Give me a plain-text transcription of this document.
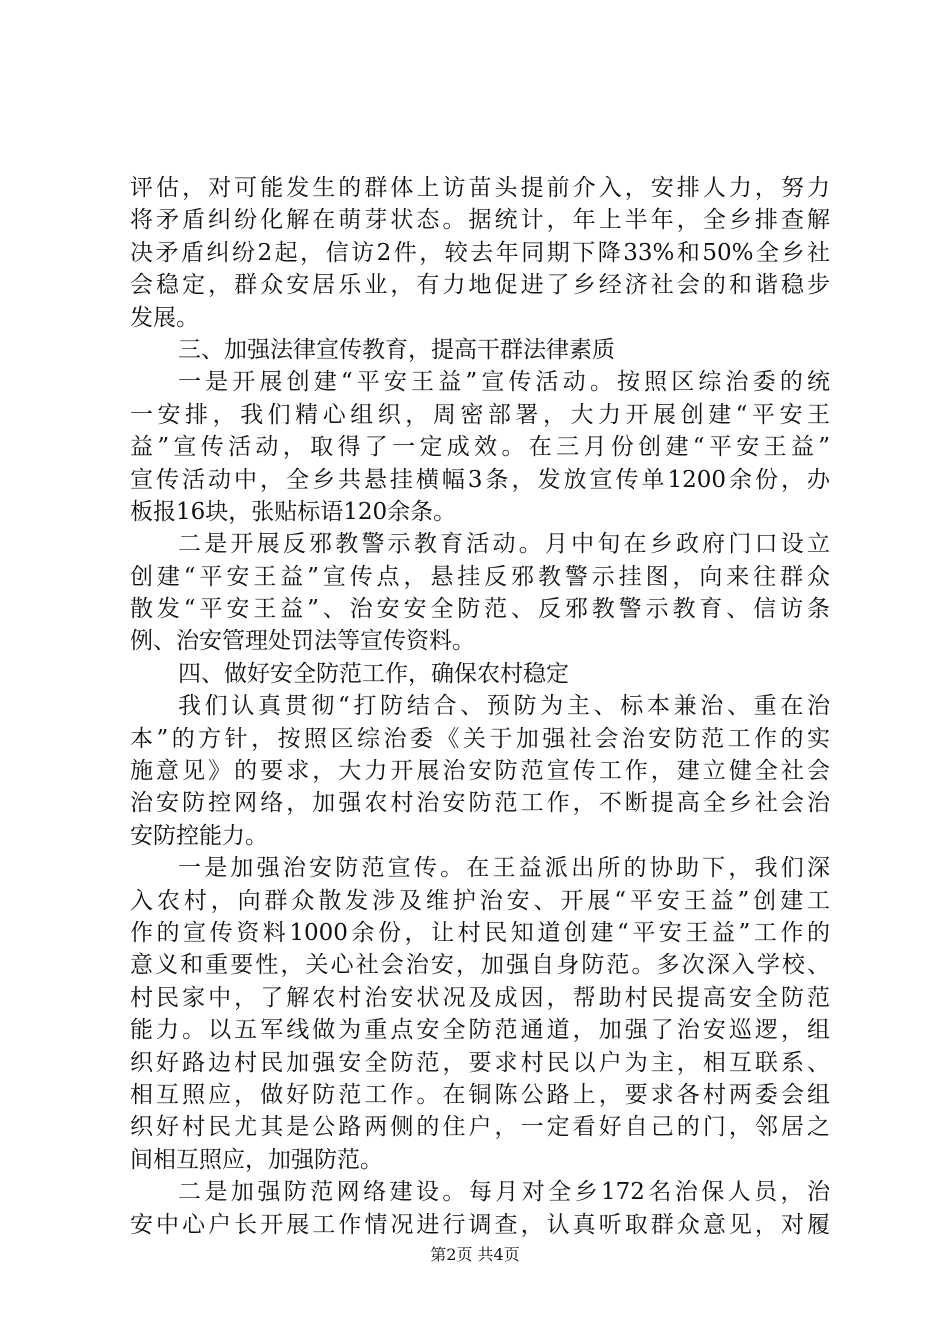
评估，对可能发生的群体上访苗头提前介入，安排人力，努力
将矛盾纠纷化解在萌芽状态。据统计，年上半年，全乡排查解
决矛盾纠纷2起，信访2件，较去年同期下降33%和50%全乡社
会稳定，群众安居乐业，有力地促进了乡经济社会的和谐稳步
发展。
三、加强法律宣传教育，提高干群法律素质
一是开展创建“平安王益”宣传活动。按照区综治委的统
一安排，我们精心组织，周密部署，大力开展创建“平安王
益”宣传活动，取得了一定成效。在三月份创建“平安王益”
宣传活动中，全乡共悬挂横幅3条，发放宣传单1200余份，办
板报16块，张贴标语120余条。
二是开展反邪教警示教育活动。月中旬在乡政府门口设立
创建“平安王益”宣传点，悬挂反邪教警示挂图，向来往群众
散发“平安王益”、治安安全防范、反邪教警示教育、信访条
例、治安管理处罚法等宣传资料。
四、做好安全防范工作，确保农村稳定
我们认真贯彻“打防结合、预防为主、标本兼治、重在治
本”的方针，按照区综治委《关于加强社会治安防范工作的实
施意见》的要求，大力开展治安防范宣传工作，建立健全社会
治安防控网络，加强农村治安防范工作，不断提高全乡社会治
安防控能力。
一是加强治安防范宣传。在王益派出所的协助下，我们深
入农村，向群众散发涉及维护治安、开展“平安王益”创建工
作的宣传资料1000余份，让村民知道创建“平安王益”工作的
意义和重要性，关心社会治安，加强自身防范。多次深入学校、
村民家中，了解农村治安状况及成因，帮助村民提高安全防范
能力。以五军线做为重点安全防范通道，加强了治安巡逻，组
织好路边村民加强安全防范，要求村民以户为主，相互联系、
相互照应，做好防范工作。在铜陈公路上，要求各村两委会组
织好村民尤其是公路两侧的住户，一定看好自己的门，邻居之
间相互照应，加强防范。
二是加强防范网络建设。每月对全乡172名治保人员，治
安中心户长开展工作情况进行调查，认真听取群众意见，对履
第2页 共4页
